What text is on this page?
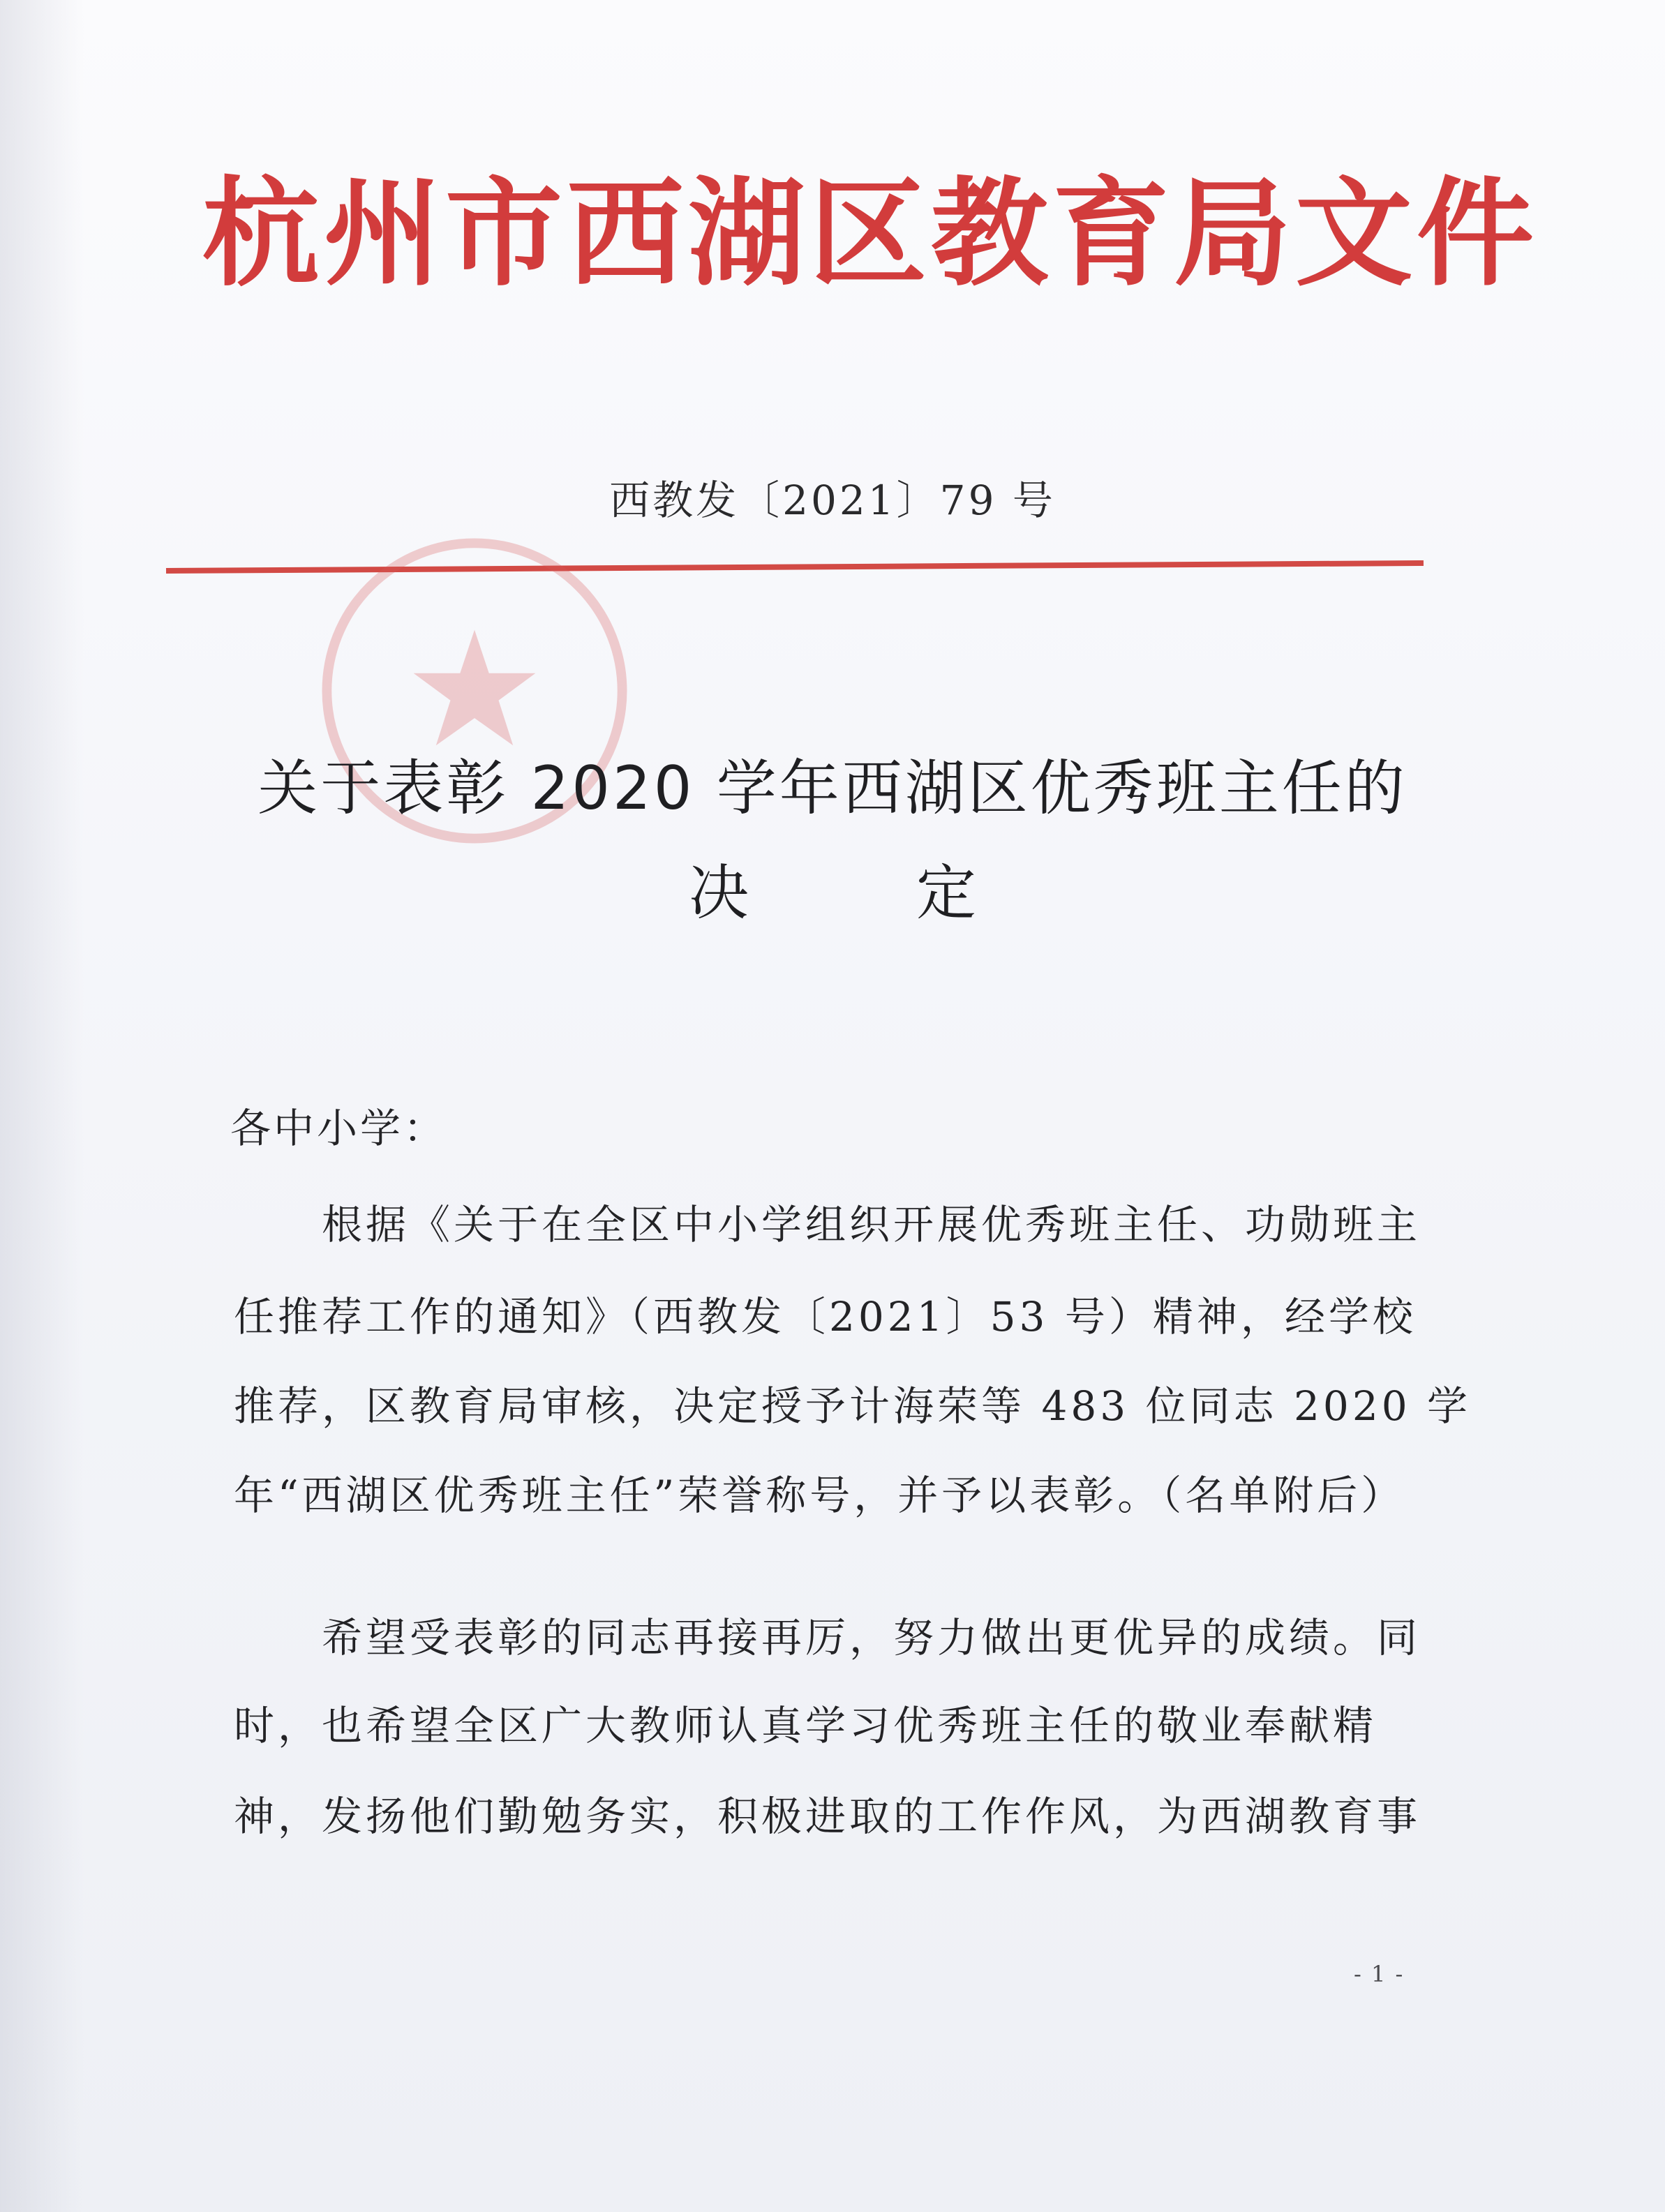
杭州市西湖区教育局文件
西教发〔2021〕79 号
关于表彰 2020 学年西湖区优秀班主任的
决定
各中小学：
　　根据《关于在全区中小学组织开展优秀班主任、功勋班主
任推荐工作的通知》（西教发〔2021〕53 号）精神，经学校
推荐，区教育局审核，决定授予计海荣等 483 位同志 2020 学
年“西湖区优秀班主任”荣誉称号，并予以表彰。（名单附后）
　　希望受表彰的同志再接再厉，努力做出更优异的成绩。同
时，也希望全区广大教师认真学习优秀班主任的敬业奉献精
神，发扬他们勤勉务实，积极进取的工作作风，为西湖教育事
- 1 -
